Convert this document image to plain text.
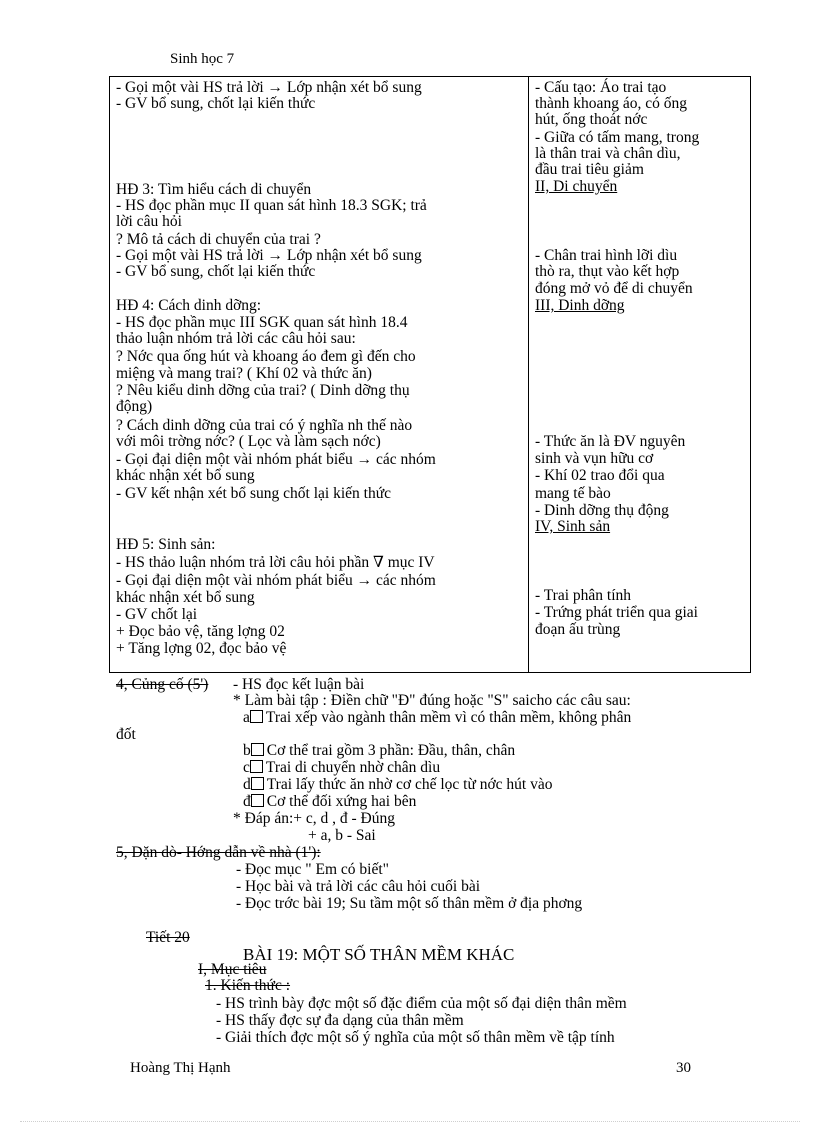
Sinh học 7
- Gọi một vài HS trả lời → Lớp nhận xét bổ sung
- GV bổ sung, chốt lại kiến thức
HĐ 3: Tìm hiểu cách di chuyển
- HS đọc phần mục II quan sát hình 18.3 SGK; trả
lời câu hỏi
? Mô tả cách di chuyển của trai ?
- Gọi một vài HS trả lời → Lớp nhận xét bổ sung
- GV bổ sung, chốt lại kiến thức
HĐ 4: Cách dinh dỡng:
- HS đọc phần mục III SGK quan sát hình 18.4
thảo luận nhóm trả lời các câu hỏi sau:
? Nớc qua ống hút và khoang áo đem gì đến cho
miệng và mang trai? ( Khí 02 và thức ăn)
? Nêu kiểu dinh dỡng của trai? ( Dinh dỡng thụ
động)
? Cách dinh dỡng của trai có ý nghĩa nh thế nào
với môi trờng nớc? ( Lọc và làm sạch nớc)
- Gọi đại diện một vài nhóm phát biểu → các nhóm
khác nhận xét bổ sung
- GV kết nhận xét bổ sung chốt lại kiến thức
HĐ 5: Sinh sản:
- HS thảo luận nhóm trả lời câu hỏi phần ∇ mục IV
- Gọi đại diện một vài nhóm phát biểu → các nhóm
khác nhận xét bổ sung
- GV chốt lại
+ Đọc bảo vệ, tăng lợng 02
+ Tăng lợng 02, đọc bảo vệ
- Cấu tạo: Áo trai tạo
thành khoang áo, có ống
hút, ống thoát nớc
- Giữa có tấm mang, trong
là thân trai và chân dìu,
đầu trai tiêu giảm
II, Di chuyển
- Chân trai hình lỡi dìu
thò ra, thụt vào kết hợp
đóng mở vỏ để di chuyển
III, Dinh dỡng
- Thức ăn là ĐV nguyên
sinh và vụn hữu cơ
- Khí 02 trao đổi qua
mang tế bào
- Dinh dỡng thụ động
IV, Sinh sản
- Trai phân tính
- Trứng phát triển qua giai
đoạn ấu trùng
4, Củng cố (5') - HS đọc kết luận bài
* Làm bài tập : Điền chữ "Đ" đúng hoặc "S" saicho các câu sau:
a Trai xếp vào ngành thân mềm vì có thân mềm, không phân
đốt
b Cơ thể trai gồm 3 phần: Đầu, thân, chân
c Trai di chuyển nhờ chân dìu
d Trai lấy thức ăn nhờ cơ chế lọc từ nớc hút vào
đ Cơ thể đối xứng hai bên
* Đáp án:+ c, d , đ - Đúng
+ a, b - Sai
5, Dặn dò- Hớng dẫn về nhà (1'):
- Đọc mục " Em có biết"
- Học bài và trả lời các câu hỏi cuối bài
- Đọc trớc bài 19; Su tầm một số thân mềm ở địa phơng
Tiết 20
BÀI 19: MỘT SỐ THÂN MỀM KHÁC
I, Mục tiêu
1. Kiến thức :
- HS trình bày đợc một số đặc điểm của một số đại diện thân mềm
- HS thấy đợc sự đa dạng của thân mềm
- Giải thích đợc một số ý nghĩa của một số thân mềm về tập tính
Hoàng Thị Hạnh	30
